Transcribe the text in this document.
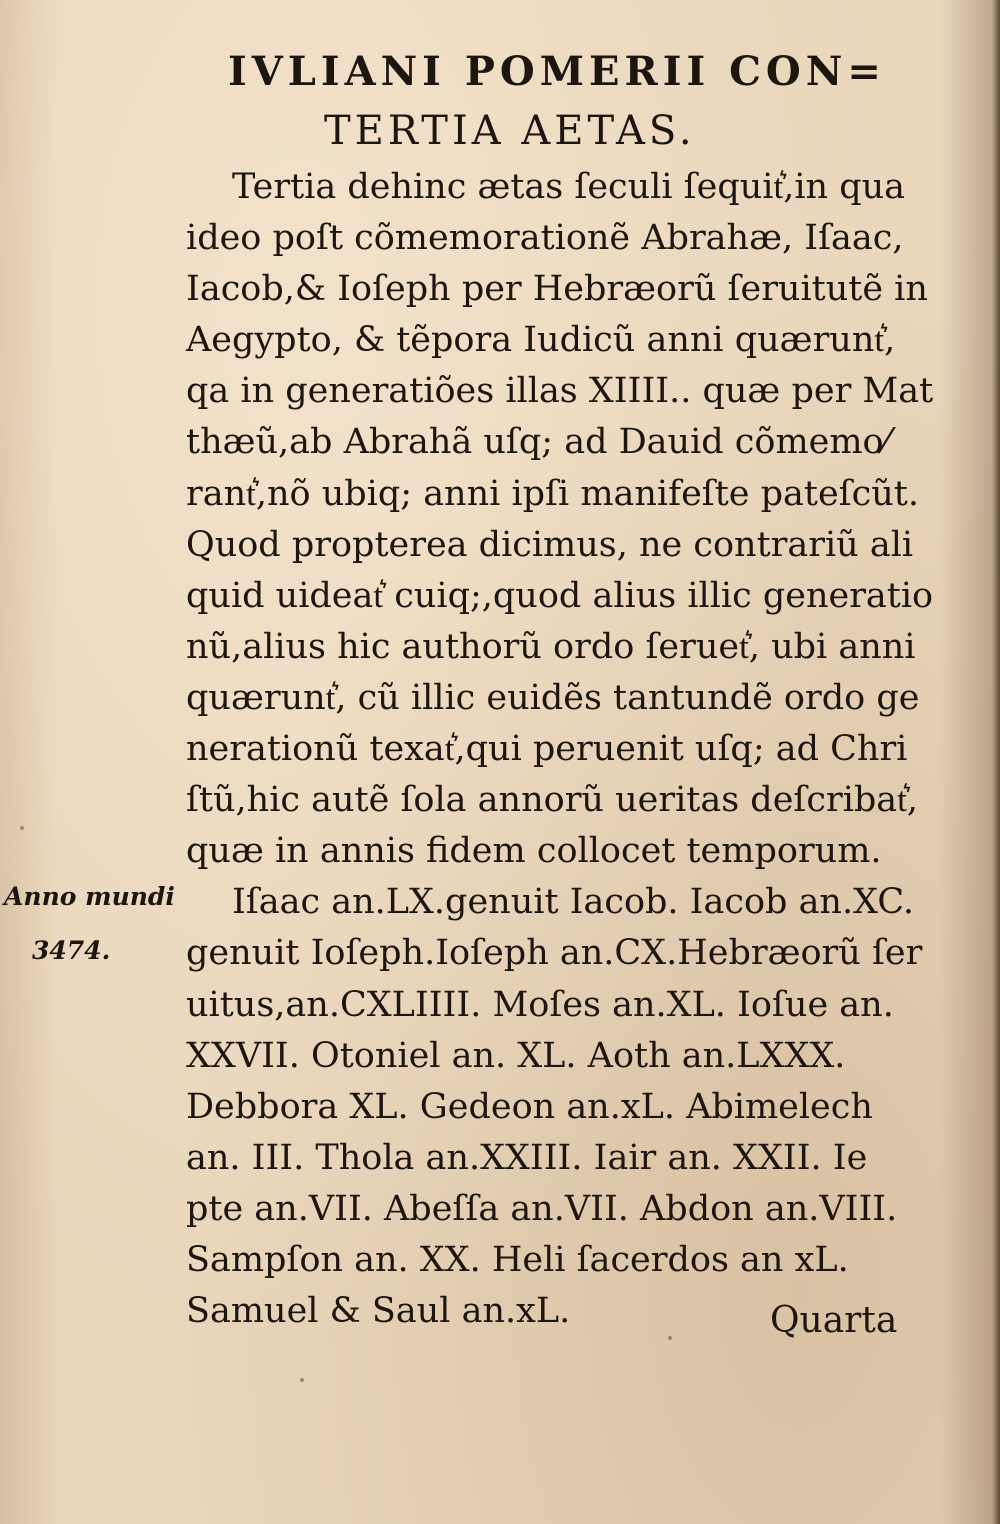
IVLIANI POMERII CON=
TERTIA AETAS.
Tertia dehinc ætas ſeculi ſequit͛,in qua
ideo poſt cõmemorationẽ Abrahæ, Iſaac,
Iacob,& Ioſeph per Hebræorũ ſeruitutẽ in
Aegypto, & tẽpora Iudicũ anni quærunt͛,
qa in generatiões illas XIIII.. quæ per Mat
thæũ,ab Abrahã uſq; ad Dauid cõmemo⁄
rant͛,nõ ubiq; anni ipſi manifeſte pateſcũt.
Quod propterea dicimus, ne contrariũ ali
quid uideat͛ cuiq;,quod alius illic generatio
nũ,alius hic authorũ ordo ſeruet͛, ubi anni
quærunt͛, cũ illic euidẽs tantundẽ ordo ge
nerationũ texat͛,qui peruenit uſq; ad Chri
ſtũ,hic autẽ ſola annorũ ueritas deſcribat͛,
quæ in annis fidem collocet temporum.
Iſaac an.LX.genuit Iacob. Iacob an.XC.
genuit Ioſeph.Ioſeph an.CX.Hebræorũ ſer
uitus,an.CXLIIII. Moſes an.XL. Ioſue an.
XXVII. Otoniel an. XL. Aoth an.LXXX.
Debbora XL. Gedeon an.xL. Abimelech
an. III. Thola an.XXIII. Iair an. XXII. Ie
pte an.VII. Abeſſa an.VII. Abdon an.VIII.
Sampſon an. XX. Heli ſacerdos an xL.
Samuel & Saul an.xL.
Anno mundi
3474.
Quarta
